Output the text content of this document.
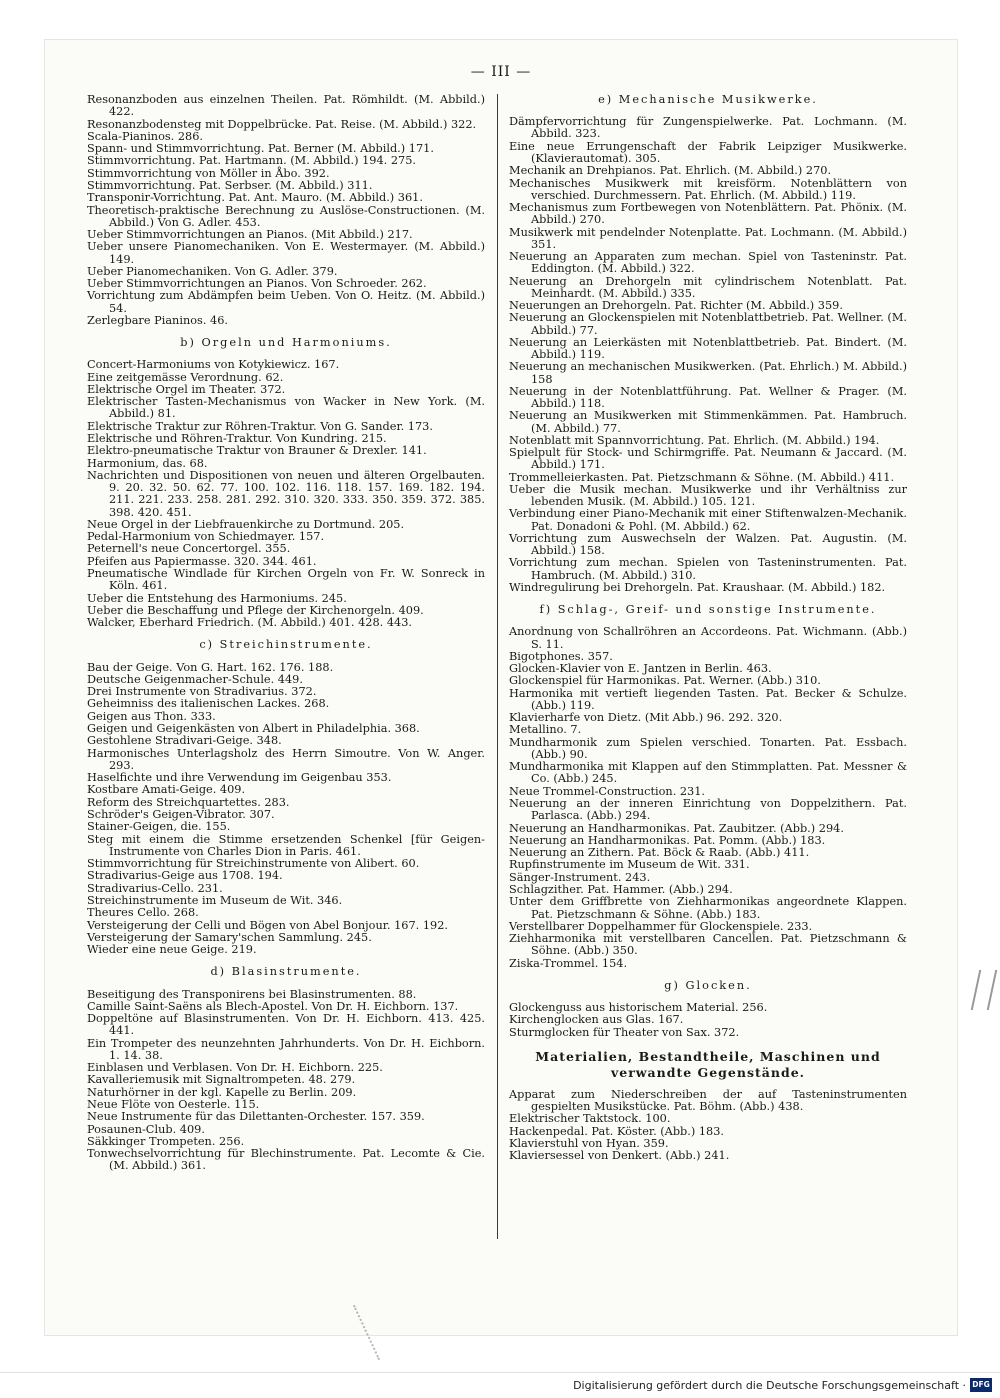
— III —
Resonanzboden aus einzelnen Theilen. Pat. Römhildt. (M. Abbild.) 422.
Resonanzbodensteg mit Doppelbrücke. Pat. Reise. (M. Abbild.) 322.
Scala-Pianinos. 286.
Spann- und Stimmvorrichtung. Pat. Berner (M. Abbild.) 171.
Stimmvorrichtung. Pat. Hartmann. (M. Abbild.) 194. 275.
Stimmvorrichtung von Möller in Åbo. 392.
Stimmvorrichtung. Pat. Serbser. (M. Abbild.) 311.
Transponir-Vorrichtung. Pat. Ant. Mauro. (M. Abbild.) 361.
Theoretisch-praktische Berechnung zu Auslöse-Constructionen. (M. Abbild.) Von G. Adler. 453.
Ueber Stimmvorrichtungen an Pianos. (Mit Abbild.) 217.
Ueber unsere Pianomechaniken. Von E. Westermayer. (M. Abbild.) 149.
Ueber Pianomechaniken. Von G. Adler. 379.
Ueber Stimmvorrichtungen an Pianos. Von Schroeder. 262.
Vorrichtung zum Abdämpfen beim Ueben. Von O. Heitz. (M. Abbild.) 54.
Zerlegbare Pianinos. 46.
b) Orgeln und Harmoniums.
Concert-Harmoniums von Kotykiewicz. 167.
Eine zeitgemässe Verordnung. 62.
Elektrische Orgel im Theater. 372.
Elektrischer Tasten-Mechanismus von Wacker in New York. (M. Abbild.) 81.
Elektrische Traktur zur Röhren-Traktur. Von G. Sander. 173.
Elektrische und Röhren-Traktur. Von Kundring. 215.
Elektro-pneumatische Traktur von Brauner & Drexler. 141.
Harmonium, das. 68.
Nachrichten und Dispositionen von neuen und älteren Orgelbauten. 9. 20. 32. 50. 62. 77. 100. 102. 116. 118. 157. 169. 182. 194. 211. 221. 233. 258. 281. 292. 310. 320. 333. 350. 359. 372. 385. 398. 420. 451.
Neue Orgel in der Liebfrauenkirche zu Dortmund. 205.
Pedal-Harmonium von Schiedmayer. 157.
Peternell's neue Concertorgel. 355.
Pfeifen aus Papiermasse. 320. 344. 461.
Pneumatische Windlade für Kirchen Orgeln von Fr. W. Sonreck in Köln. 461.
Ueber die Entstehung des Harmoniums. 245.
Ueber die Beschaffung und Pflege der Kirchenorgeln. 409.
Walcker, Eberhard Friedrich. (M. Abbild.) 401. 428. 443.
c) Streichinstrumente.
Bau der Geige. Von G. Hart. 162. 176. 188.
Deutsche Geigenmacher-Schule. 449.
Drei Instrumente von Stradivarius. 372.
Geheimniss des italienischen Lackes. 268.
Geigen aus Thon. 333.
Geigen und Geigenkästen von Albert in Philadelphia. 368.
Gestohlene Stradivari-Geige. 348.
Harmonisches Unterlagsholz des Herrn Simoutre. Von W. Anger. 293.
Haselfichte und ihre Verwendung im Geigenbau 353.
Kostbare Amati-Geige. 409.
Reform des Streichquartettes. 283.
Schröder's Geigen-Vibrator. 307.
Stainer-Geigen, die. 155.
Steg mit einem die Stimme ersetzenden Schenkel [für Geigen-Instrumente von Charles Dion in Paris. 461.
Stimmvorrichtung für Streichinstrumente von Alibert. 60.
Stradivarius-Geige aus 1708. 194.
Stradivarius-Cello. 231.
Streichinstrumente im Museum de Wit. 346.
Theures Cello. 268.
Versteigerung der Celli und Bögen von Abel Bonjour. 167. 192.
Versteigerung der Samary'schen Sammlung. 245.
Wieder eine neue Geige. 219.
d) Blasinstrumente.
Beseitigung des Transponirens bei Blasinstrumenten. 88.
Camille Saint-Saëns als Blech-Apostel. Von Dr. H. Eichborn. 137.
Doppeltöne auf Blasinstrumenten. Von Dr. H. Eichborn. 413. 425. 441.
Ein Trompeter des neunzehnten Jahrhunderts. Von Dr. H. Eichborn. 1. 14. 38.
Einblasen und Verblasen. Von Dr. H. Eichborn. 225.
Kavalleriemusik mit Signaltrompeten. 48. 279.
Naturhörner in der kgl. Kapelle zu Berlin. 209.
Neue Flöte von Oesterle. 115.
Neue Instrumente für das Dilettanten-Orchester. 157. 359.
Posaunen-Club. 409.
Säkkinger Trompeten. 256.
Tonwechselvorrichtung für Blechinstrumente. Pat. Lecomte & Cie. (M. Abbild.) 361.
e) Mechanische Musikwerke.
Dämpfervorrichtung für Zungenspielwerke. Pat. Lochmann. (M. Abbild. 323.
Eine neue Errungenschaft der Fabrik Leipziger Musikwerke. (Klavierautomat). 305.
Mechanik an Drehpianos. Pat. Ehrlich. (M. Abbild.) 270.
Mechanisches Musikwerk mit kreisförm. Notenblättern von verschied. Durchmessern. Pat. Ehrlich. (M. Abbild.) 119.
Mechanismus zum Fortbewegen von Notenblättern. Pat. Phönix. (M. Abbild.) 270.
Musikwerk mit pendelnder Notenplatte. Pat. Lochmann. (M. Abbild.) 351.
Neuerung an Apparaten zum mechan. Spiel von Tasteninstr. Pat. Eddington. (M. Abbild.) 322.
Neuerung an Drehorgeln mit cylindrischem Notenblatt. Pat. Meinhardt. (M. Abbild.) 335.
Neuerungen an Drehorgeln. Pat. Richter (M. Abbild.) 359.
Neuerung an Glockenspielen mit Notenblattbetrieb. Pat. Wellner. (M. Abbild.) 77.
Neuerung an Leierkästen mit Notenblattbetrieb. Pat. Bindert. (M. Abbild.) 119.
Neuerung an mechanischen Musikwerken. (Pat. Ehrlich.) M. Abbild.) 158
Neuerung in der Notenblattführung. Pat. Wellner & Prager. (M. Abbild.) 118.
Neuerung an Musikwerken mit Stimmenkämmen. Pat. Hambruch. (M. Abbild.) 77.
Notenblatt mit Spannvorrichtung. Pat. Ehrlich. (M. Abbild.) 194.
Spielpult für Stock- und Schirmgriffe. Pat. Neumann & Jaccard. (M. Abbild.) 171.
Trommelleierkasten. Pat. Pietzschmann & Söhne. (M. Abbild.) 411.
Ueber die Musik mechan. Musikwerke und ihr Verhältniss zur lebenden Musik. (M. Abbild.) 105. 121.
Verbindung einer Piano-Mechanik mit einer Stiftenwalzen-Mechanik. Pat. Donadoni & Pohl. (M. Abbild.) 62.
Vorrichtung zum Auswechseln der Walzen. Pat. Augustin. (M. Abbild.) 158.
Vorrichtung zum mechan. Spielen von Tasteninstrumenten. Pat. Hambruch. (M. Abbild.) 310.
Windregulirung bei Drehorgeln. Pat. Kraushaar. (M. Abbild.) 182.
f) Schlag-, Greif- und sonstige Instrumente.
Anordnung von Schallröhren an Accordeons. Pat. Wichmann. (Abb.) S. 11.
Bigotphones. 357.
Glocken-Klavier von E. Jantzen in Berlin. 463.
Glockenspiel für Harmonikas. Pat. Werner. (Abb.) 310.
Harmonika mit vertieft liegenden Tasten. Pat. Becker & Schulze. (Abb.) 119.
Klavierharfe von Dietz. (Mit Abb.) 96. 292. 320.
Metallino. 7.
Mundharmonik zum Spielen verschied. Tonarten. Pat. Essbach. (Abb.) 90.
Mundharmonika mit Klappen auf den Stimmplatten. Pat. Messner & Co. (Abb.) 245.
Neue Trommel-Construction. 231.
Neuerung an der inneren Einrichtung von Doppelzithern. Pat. Parlasca. (Abb.) 294.
Neuerung an Handharmonikas. Pat. Zaubitzer. (Abb.) 294.
Neuerung an Handharmonikas. Pat. Pomm. (Abb.) 183.
Neuerung an Zithern. Pat. Böck & Raab. (Abb.) 411.
Rupfinstrumente im Museum de Wit. 331.
Sänger-Instrument. 243.
Schlagzither. Pat. Hammer. (Abb.) 294.
Unter dem Griffbrette von Ziehharmonikas angeordnete Klappen. Pat. Pietzschmann & Söhne. (Abb.) 183.
Verstellbarer Doppelhammer für Glockenspiele. 233.
Ziehharmonika mit verstellbaren Cancellen. Pat. Pietzschmann & Söhne. (Abb.) 350.
Ziska-Trommel. 154.
g) Glocken.
Glockenguss aus historischem Material. 256.
Kirchenglocken aus Glas. 167.
Sturmglocken für Theater von Sax. 372.
Materialien, Bestandtheile, Maschinen und verwandte Gegenstände.
Apparat zum Niederschreiben der auf Tasteninstrumenten gespielten Musikstücke. Pat. Böhm. (Abb.) 438.
Elektrischer Taktstock. 100.
Hackenpedal. Pat. Köster. (Abb.) 183.
Klavierstuhl von Hyan. 359.
Klaviersessel von Denkert. (Abb.) 241.
Digitalisierung gefördert durch die Deutsche Forschungsgemeinschaft · DFG
